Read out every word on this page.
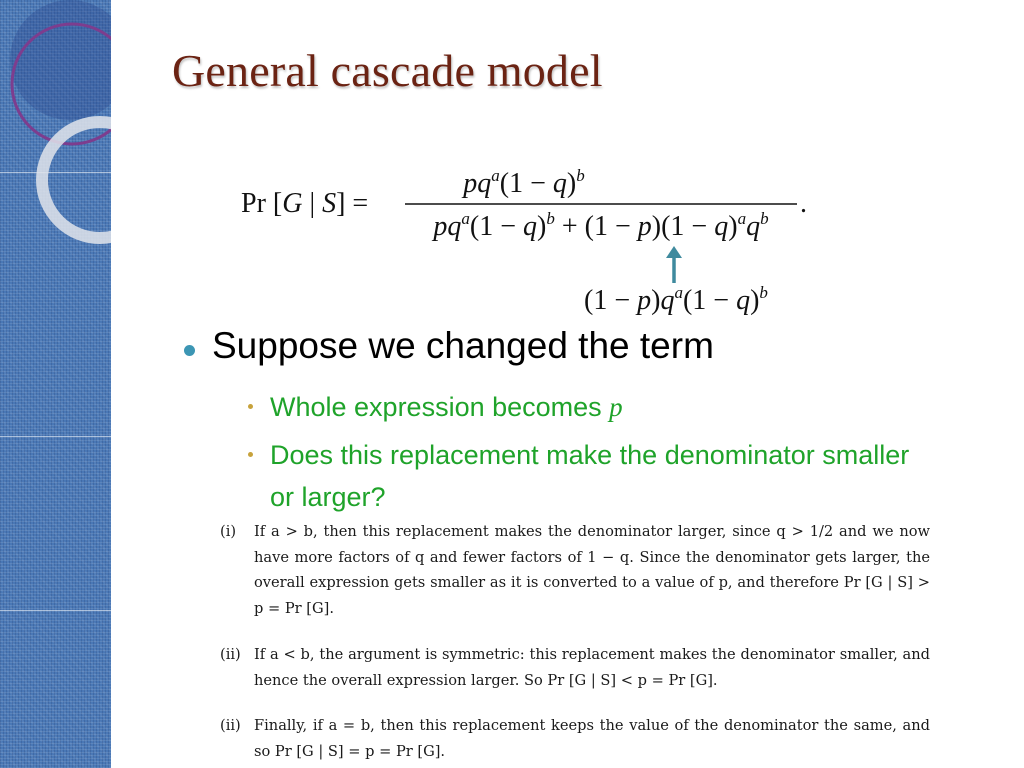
General cascade model
Pr [G | S] =
$pq^a(1 - q)^b$
$pq^a(1 - q)^b + (1 - p)(1 - q)^aq^b$ .
$(1 - p)q^a(1 - q)^b$
Suppose we changed the term
Whole expression becomes p
Does this replacement make the denominator smaller or larger?
(i)	If a > b, then this replacement makes the denominator larger, since q > 1/2 and we now have more factors of q and fewer factors of 1 − q. Since the denominator gets larger, the overall expression gets smaller as it is converted to a value of p, and therefore Pr [G | S] > p = Pr [G].
(ii) If a < b, the argument is symmetric: this replacement makes the denominator smaller, and hence the overall expression larger. So Pr [G | S] < p = Pr [G].
(ii) Finally, if a = b, then this replacement keeps the value of the denominator the same, and so Pr [G | S] = p = Pr [G].
